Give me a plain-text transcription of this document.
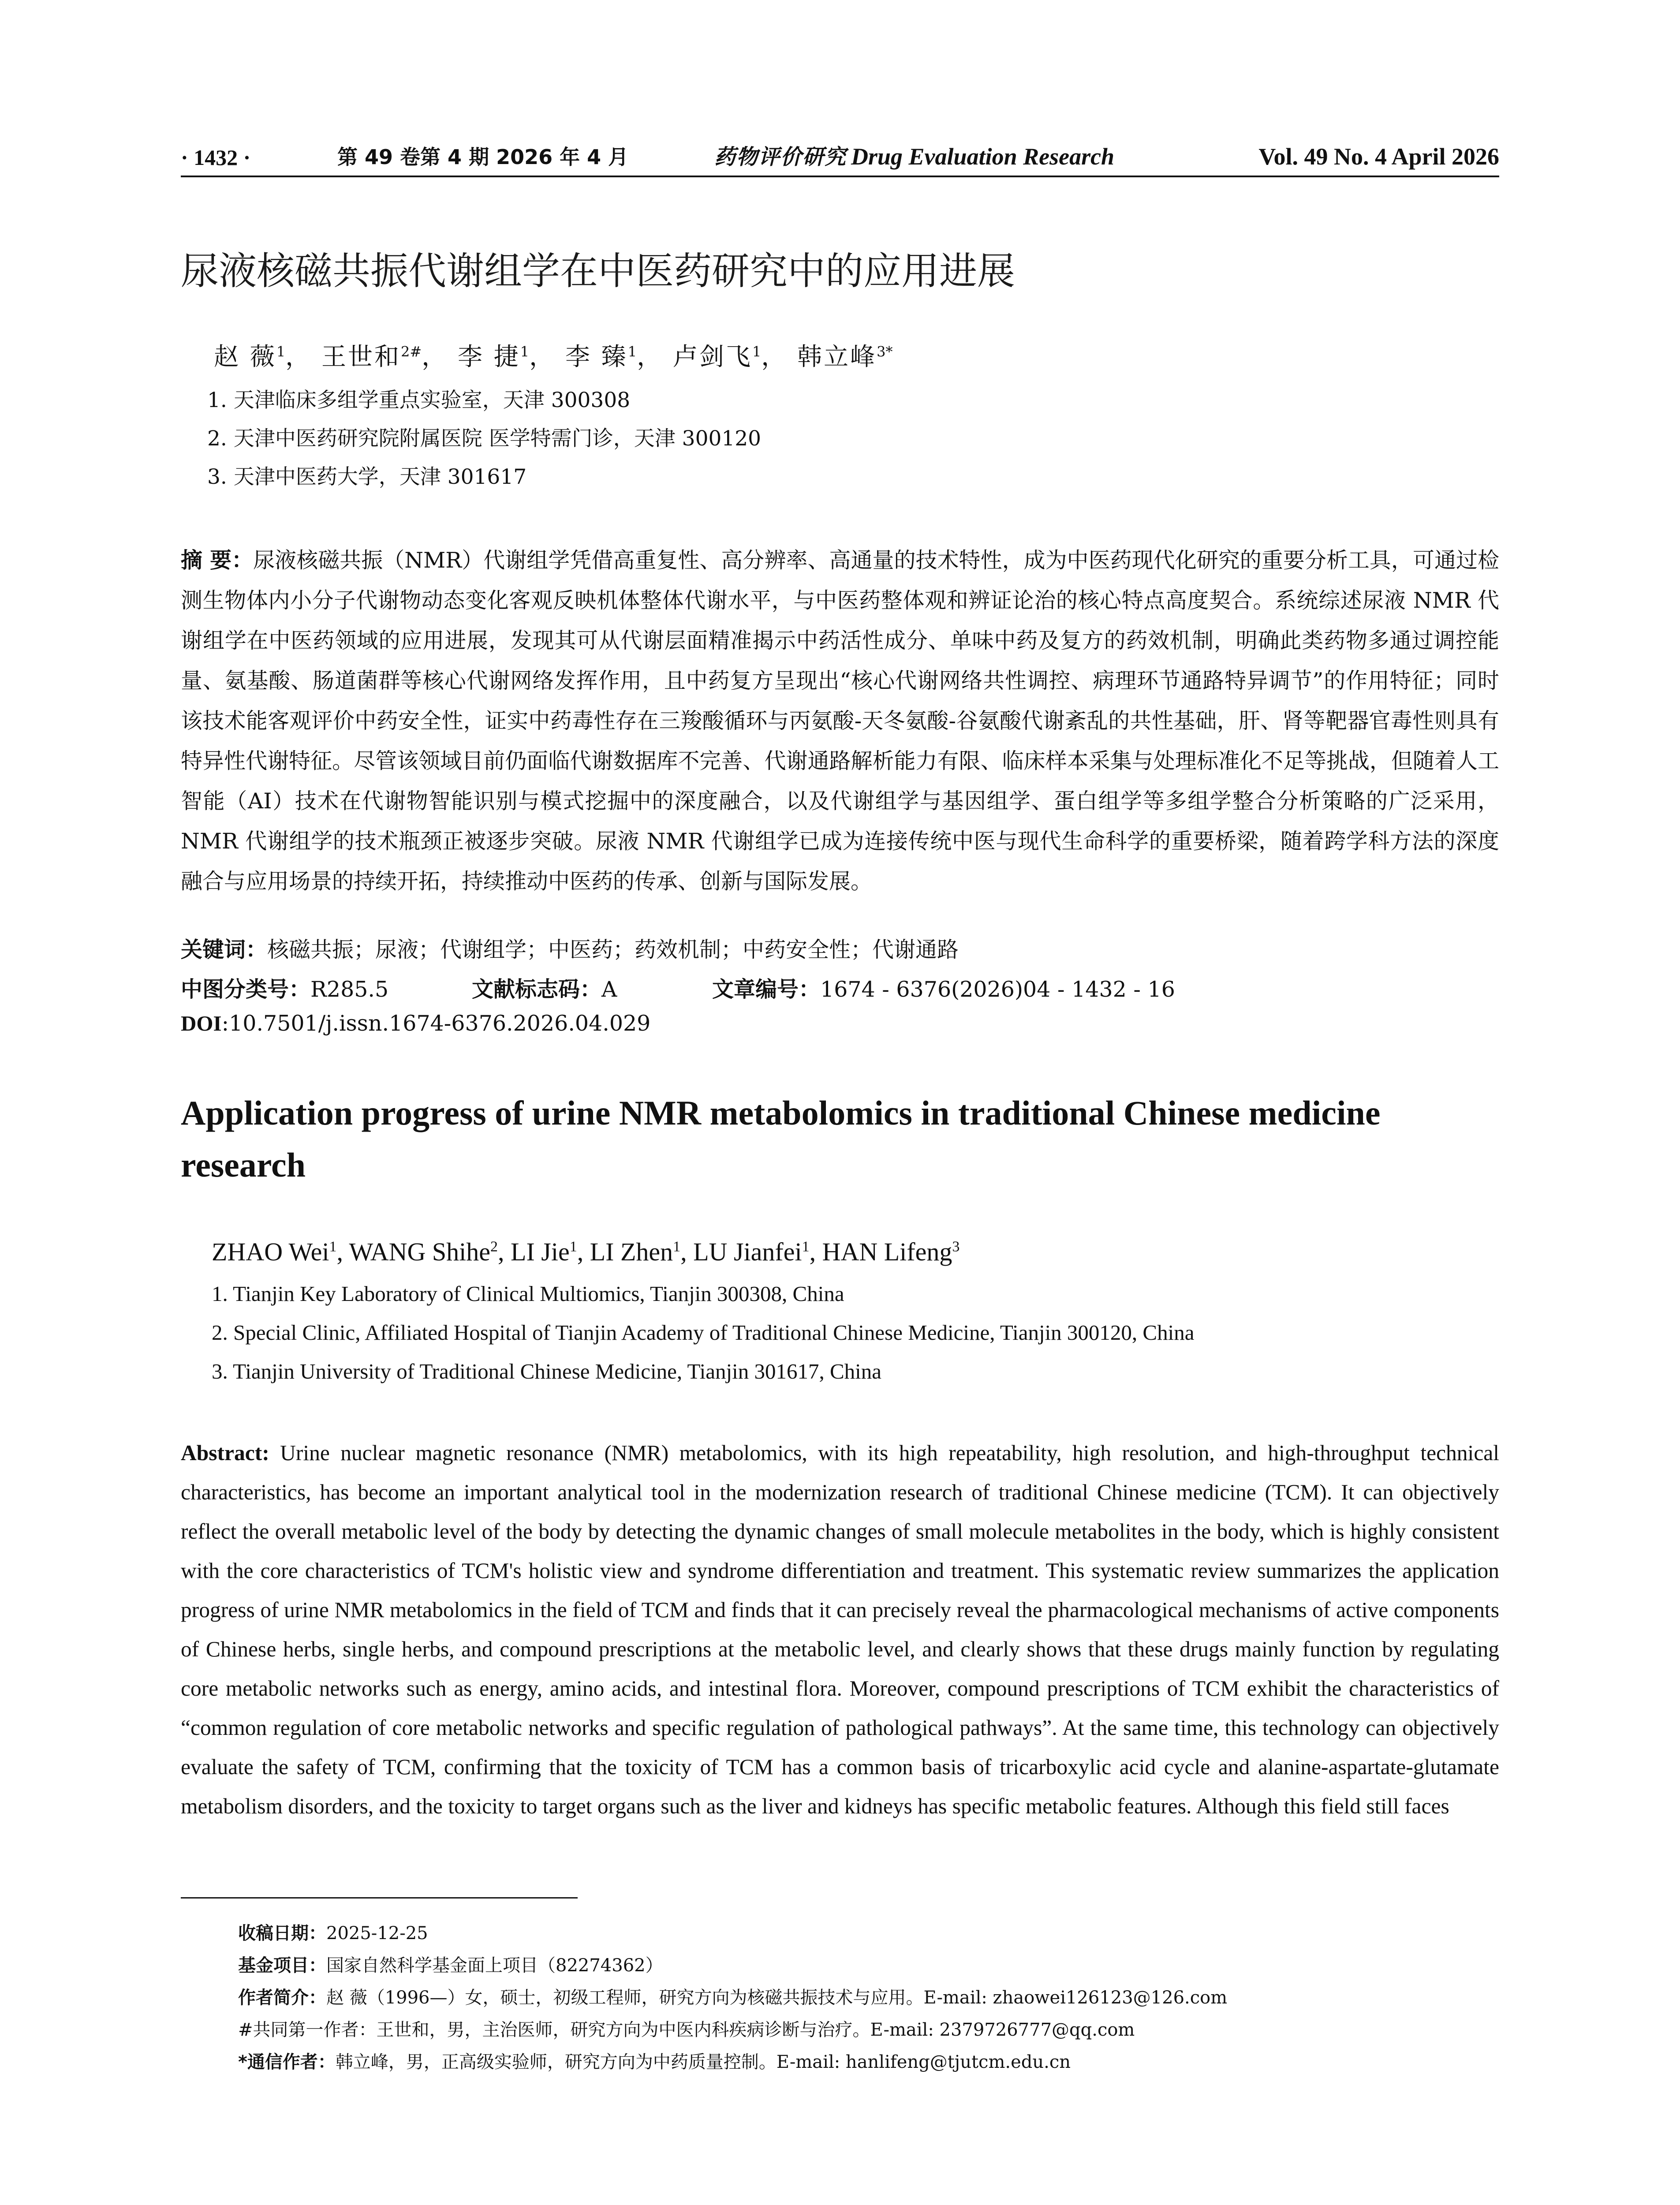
· 1432 ·	第 49 卷第 4 期 2026 年 4 月	药物评价研究 Drug Evaluation Research	Vol. 49 No. 4 April 2026
尿液核磁共振代谢组学在中医药研究中的应用进展
赵 薇$^1$， 王世和$^{2\#}$， 李 捷$^1$， 李 臻$^1$， 卢剑飞$^1$， 韩立峰$^{3*}$
1. 天津临床多组学重点实验室，天津 300308
2. 天津中医药研究院附属医院 医学特需门诊，天津 300120
3. 天津中医药大学，天津 301617
摘 要：尿液核磁共振（NMR）代谢组学凭借高重复性、高分辨率、高通量的技术特性，成为中医药现代化研究的重要分析工具，可通过检测生物体内小分子代谢物动态变化客观反映机体整体代谢水平，与中医药整体观和辨证论治的核心特点高度契合。系统综述尿液 NMR 代谢组学在中医药领域的应用进展，发现其可从代谢层面精准揭示中药活性成分、单味中药及复方的药效机制，明确此类药物多通过调控能量、氨基酸、肠道菌群等核心代谢网络发挥作用，且中药复方呈现出“核心代谢网络共性调控、病理环节通路特异调节”的作用特征；同时该技术能客观评价中药安全性，证实中药毒性存在三羧酸循环与丙氨酸-天冬氨酸-谷氨酸代谢紊乱的共性基础，肝、肾等靶器官毒性则具有特异性代谢特征。尽管该领域目前仍面临代谢数据库不完善、代谢通路解析能力有限、临床样本采集与处理标准化不足等挑战，但随着人工智能（AI）技术在代谢物智能识别与模式挖掘中的深度融合，以及代谢组学与基因组学、蛋白组学等多组学整合分析策略的广泛采用，NMR 代谢组学的技术瓶颈正被逐步突破。尿液 NMR 代谢组学已成为连接传统中医与现代生命科学的重要桥梁，随着跨学科方法的深度融合与应用场景的持续开拓，持续推动中医药的传承、创新与国际发展。
关键词：核磁共振；尿液；代谢组学；中医药；药效机制；中药安全性；代谢通路
中图分类号：R285.5	文献标志码：A	文章编号：1674 - 6376(2026)04 - 1432 - 16
DOI:10.7501/j.issn.1674-6376.2026.04.029
Application progress of urine NMR metabolomics in traditional Chinese medicine research
ZHAO Wei$^1$, WANG Shihe$^2$, LI Jie$^1$, LI Zhen$^1$, LU Jianfei$^1$, HAN Lifeng$^3$
1. Tianjin Key Laboratory of Clinical Multiomics, Tianjin 300308, China
2. Special Clinic, Affiliated Hospital of Tianjin Academy of Traditional Chinese Medicine, Tianjin 300120, China
3. Tianjin University of Traditional Chinese Medicine, Tianjin 301617, China
Abstract: Urine nuclear magnetic resonance (NMR) metabolomics, with its high repeatability, high resolution, and high-throughput technical characteristics, has become an important analytical tool in the modernization research of traditional Chinese medicine (TCM). It can objectively reflect the overall metabolic level of the body by detecting the dynamic changes of small molecule metabolites in the body, which is highly consistent with the core characteristics of TCM's holistic view and syndrome differentiation and treatment. This systematic review summarizes the application progress of urine NMR metabolomics in the field of TCM and finds that it can precisely reveal the pharmacological mechanisms of active components of Chinese herbs, single herbs, and compound prescriptions at the metabolic level, and clearly shows that these drugs mainly function by regulating core metabolic networks such as energy, amino acids, and intestinal flora. Moreover, compound prescriptions of TCM exhibit the characteristics of “common regulation of core metabolic networks and specific regulation of pathological pathways”. At the same time, this technology can objectively evaluate the safety of TCM, confirming that the toxicity of TCM has a common basis of tricarboxylic acid cycle and alanine-aspartate-glutamate metabolism disorders, and the toxicity to target organs such as the liver and kidneys has specific metabolic features. Although this field still faces
收稿日期：2025-12-25
基金项目：国家自然科学基金面上项目（82274362）
作者简介：赵 薇（1996—）女，硕士，初级工程师，研究方向为核磁共振技术与应用。E-mail: zhaowei126123@126.com
#共同第一作者：王世和，男，主治医师，研究方向为中医内科疾病诊断与治疗。E-mail: 2379726777@qq.com
*通信作者：韩立峰，男，正高级实验师，研究方向为中药质量控制。E-mail: hanlifeng@tjutcm.edu.cn
